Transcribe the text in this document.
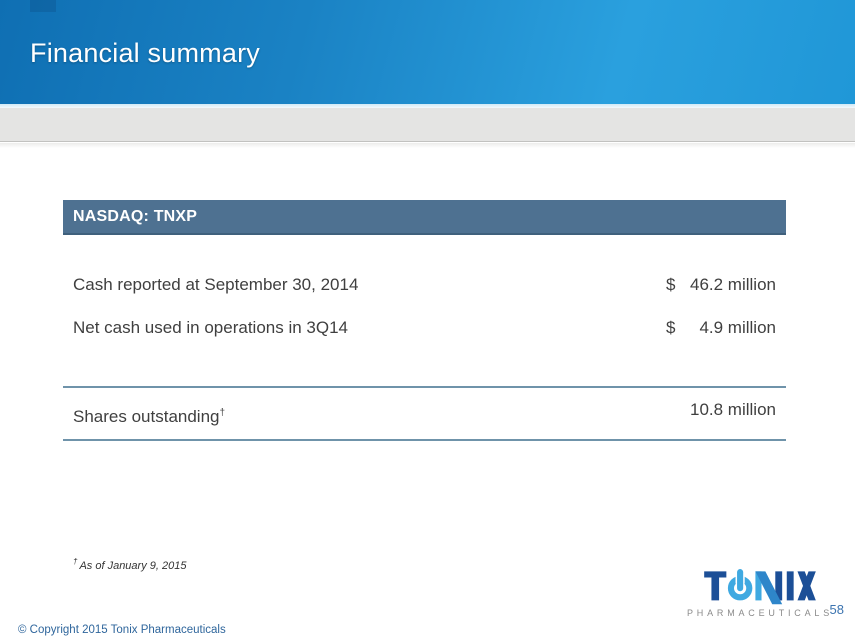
Financial summary
NASDAQ: TNXP
Cash reported at September 30, 2014	$ 46.2 million
Net cash used in operations in 3Q14	$ 4.9 million
Shares outstanding†	10.8 million
† As of January 9, 2015
PHARMACEUTICALS
58
© Copyright 2015 Tonix Pharmaceuticals
